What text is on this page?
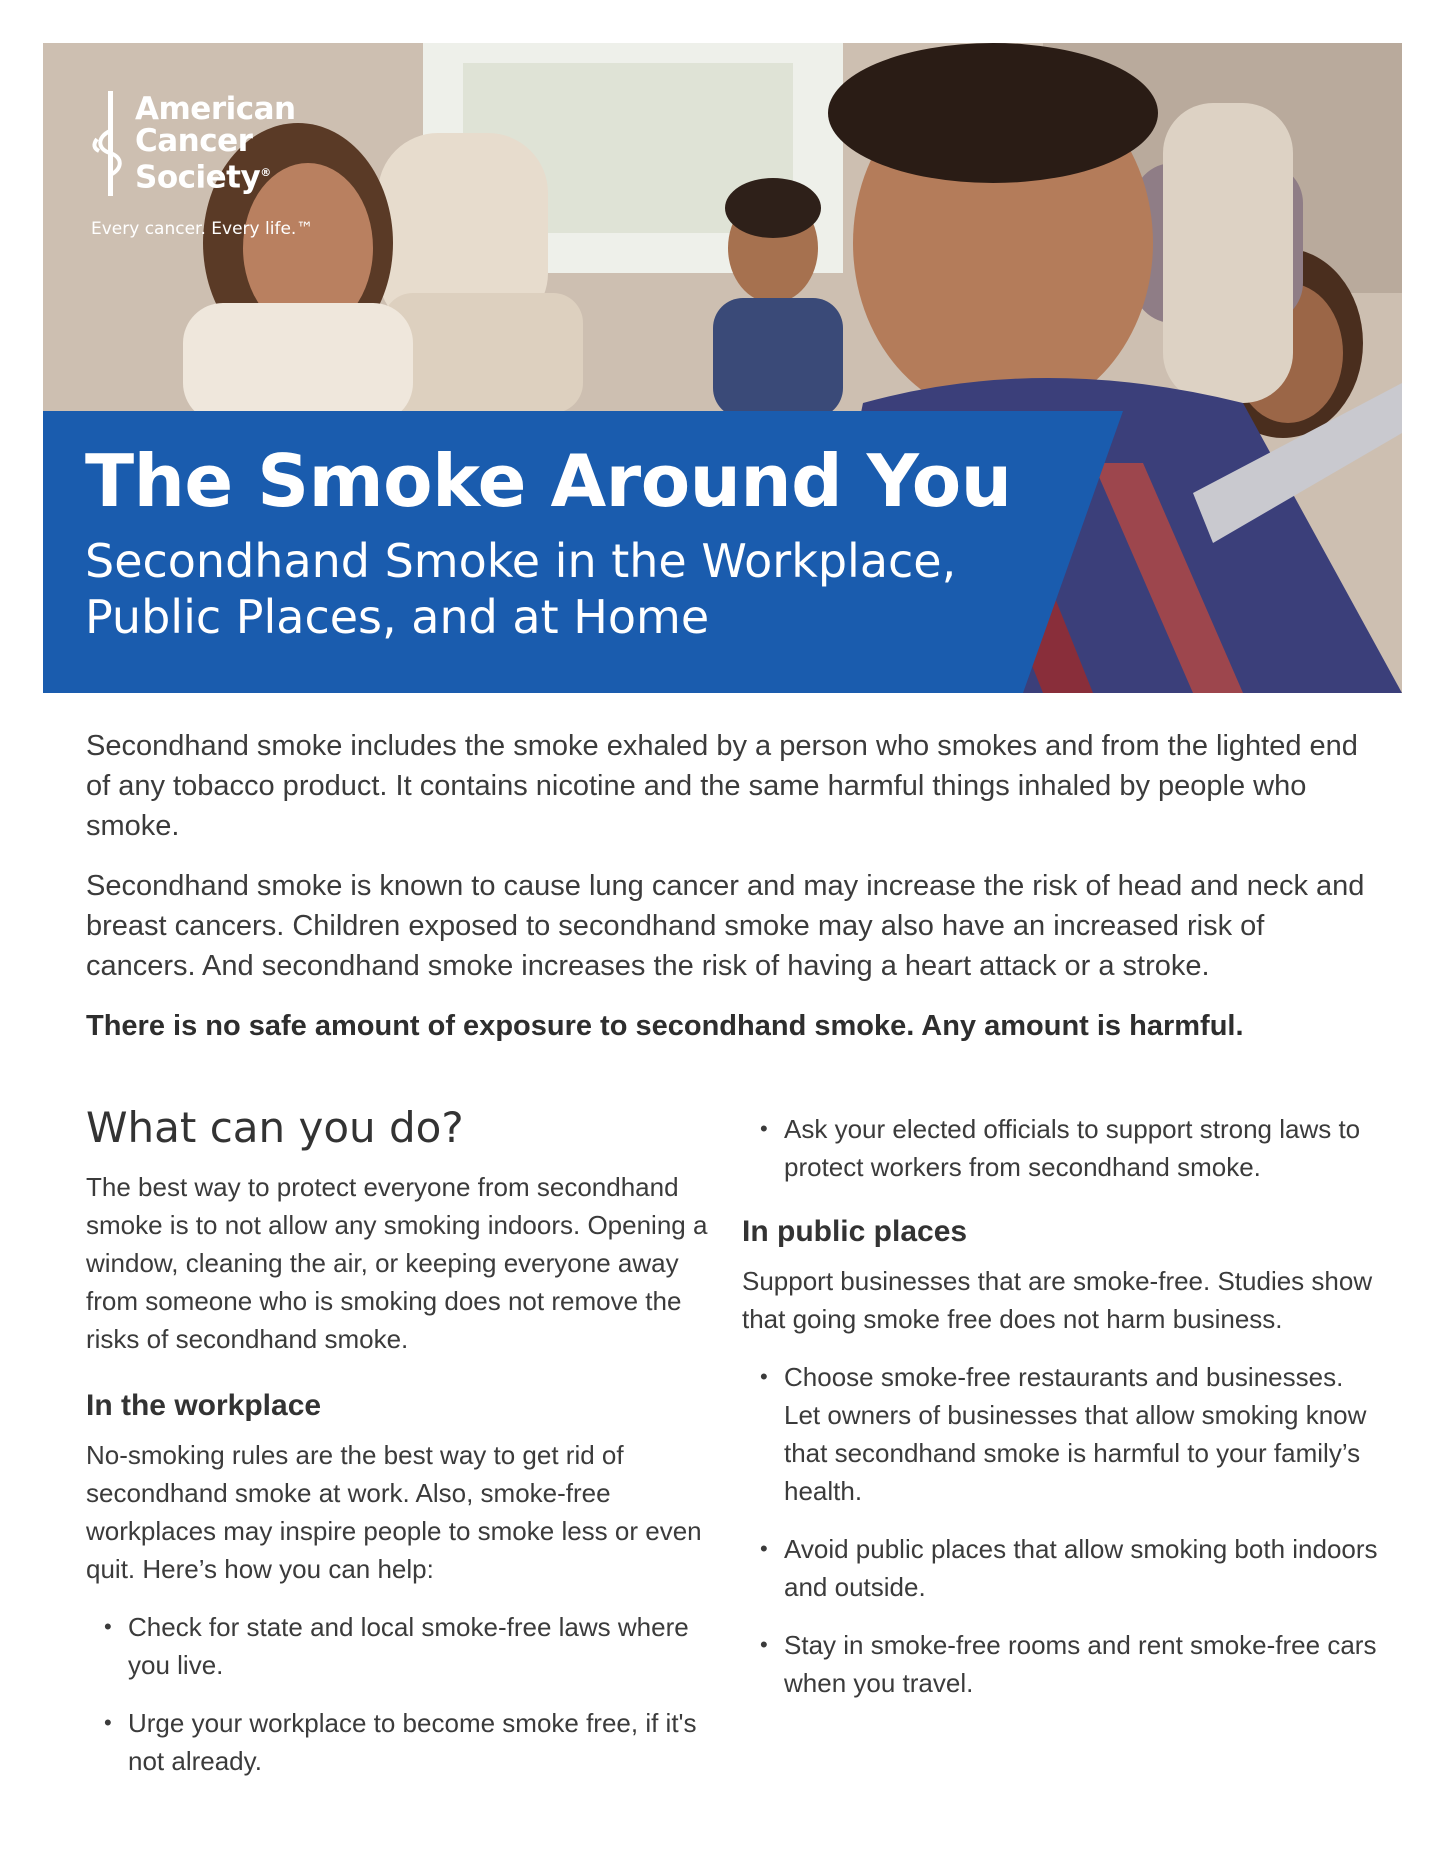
American
Cancer
Society®
Every cancer. Every life.™
The Smoke Around You
Secondhand Smoke in the Workplace,
Public Places, and at Home

Secondhand smoke includes the smoke exhaled by a person who smokes and from the lighted end of any tobacco product. It contains nicotine and the same harmful things inhaled by people who smoke.

Secondhand smoke is known to cause lung cancer and may increase the risk of head and neck and breast cancers. Children exposed to secondhand smoke may also have an increased risk of cancers. And secondhand smoke increases the risk of having a heart attack or a stroke.

There is no safe amount of exposure to secondhand smoke. Any amount is harmful.

What can you do?

The best way to protect everyone from secondhand smoke is to not allow any smoking indoors. Opening a window, cleaning the air, or keeping everyone away from someone who is smoking does not remove the risks of secondhand smoke.

In the workplace

No-smoking rules are the best way to get rid of secondhand smoke at work. Also, smoke-free workplaces may inspire people to smoke less or even quit. Here’s how you can help:

• Check for state and local smoke-free laws where you live.
• Urge your workplace to become smoke free, if it's not already.
• Ask your elected officials to support strong laws to protect workers from secondhand smoke.
In public places

Support businesses that are smoke-free. Studies show that going smoke free does not harm business.

• Choose smoke-free restaurants and businesses. Let owners of businesses that allow smoking know that secondhand smoke is harmful to your family’s health.
• Avoid public places that allow smoking both indoors and outside.
• Stay in smoke-free rooms and rent smoke-free cars when you travel.
